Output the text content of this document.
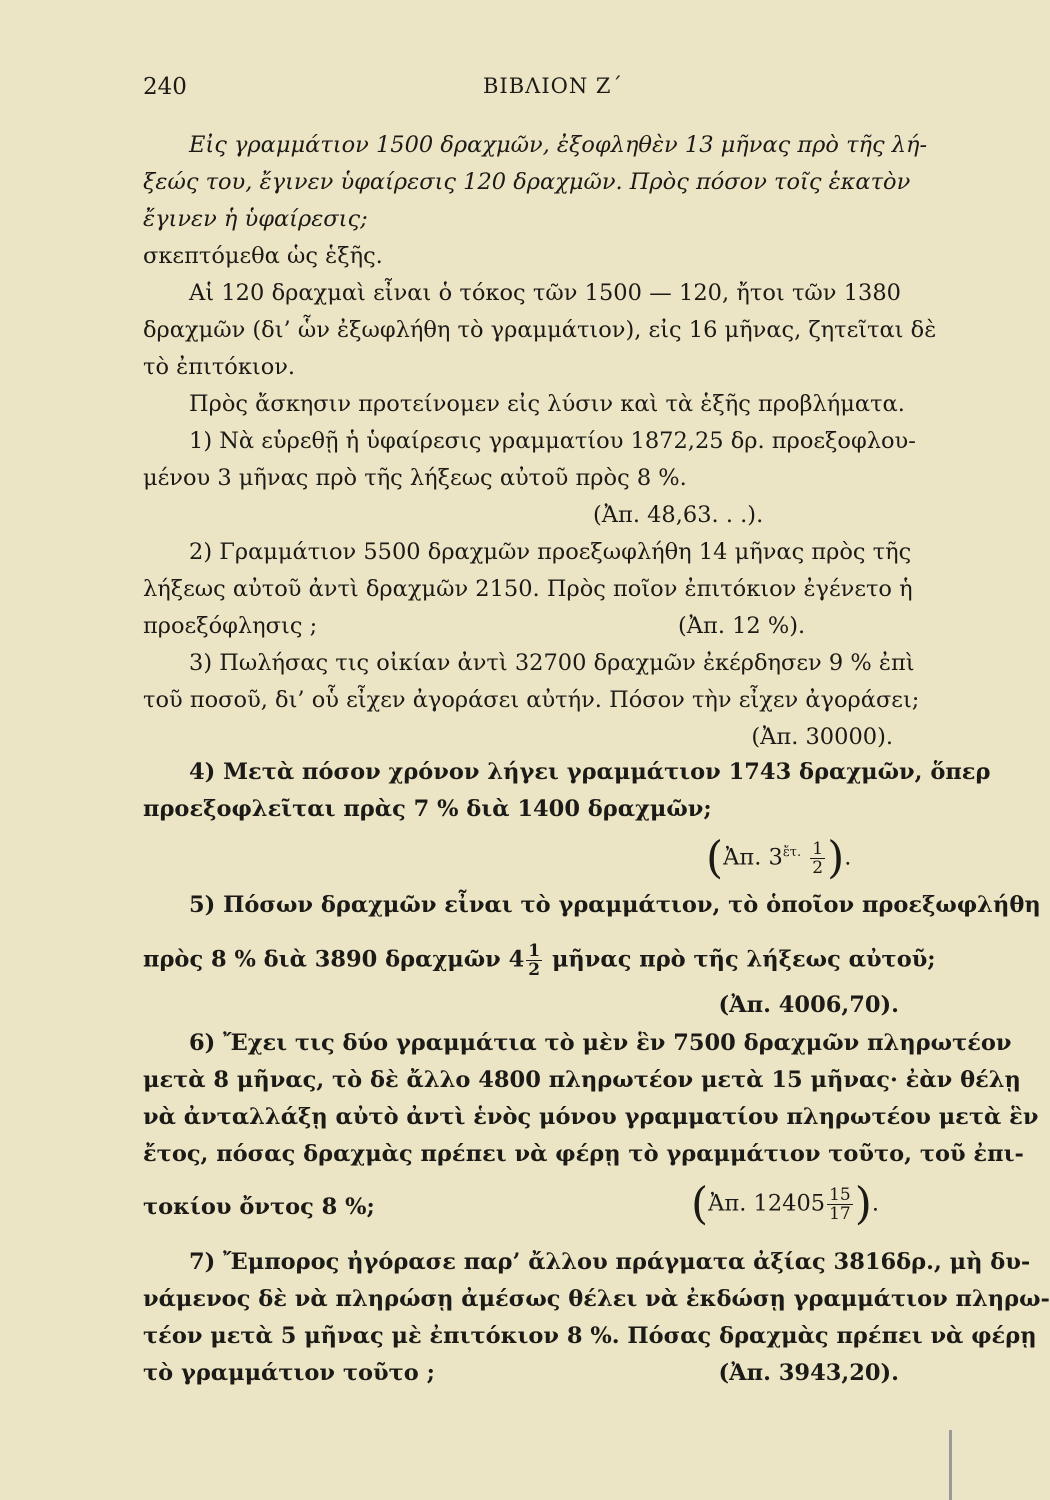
240	ΒΙΒΛΙΟΝ Ζ΄
Εἰς γραμμάτιον 1500 δραχμῶν, ἐξοφληθὲν 13 μῆνας πρὸ τῆς λή-
ξεώς του, ἔγινεν ὑφαίρεσις 120 δραχμῶν. Πρὸς πόσον τοῖς ἑκατὸν
ἔγινεν ἡ ὑφαίρεσις;
σκεπτόμεθα ὡς ἑξῆς.
Αἱ 120 δραχμαὶ εἶναι ὁ τόκος τῶν 1500 — 120, ἤτοι τῶν 1380
δραχμῶν (δι’ ὧν ἐξωφλήθη τὸ γραμμάτιον), εἰς 16 μῆνας, ζητεῖται δὲ
τὸ ἐπιτόκιον.
Πρὸς ἄσκησιν προτείνομεν εἰς λύσιν καὶ τὰ ἑξῆς προβλήματα.
1) Νὰ εὑρεθῇ ἡ ὑφαίρεσις γραμματίου 1872,25 δρ. προεξοφλου-
μένου 3 μῆνας πρὸ τῆς λήξεως αὐτοῦ πρὸς 8 %.
(Ἀπ. 48,63. . .).
2) Γραμμάτιον 5500 δραχμῶν προεξωφλήθη 14 μῆνας πρὸς τῆς
λήξεως αὐτοῦ ἀντὶ δραχμῶν 2150. Πρὸς ποῖον ἐπιτόκιον ἐγένετο ἡ
προεξόφλησις ;	(Ἀπ. 12 %).
3) Πωλήσας τις οἰκίαν ἀντὶ 32700 δραχμῶν ἐκέρδησεν 9 % ἐπὶ
τοῦ ποσοῦ, δι’ οὗ εἶχεν ἀγοράσει αὐτήν. Πόσον τὴν εἶχεν ἀγοράσει;
(Ἀπ. 30000).
4) Μετὰ πόσον χρόνον λήγει γραμμάτιον 1743 δραχμῶν, ὅπερ
προεξοφλεῖται πρὰς 7 % διὰ 1400 δραχμῶν;
(Ἀπ. $3^{ἔ\tau.} \frac{1}{2}$ ).
5) Πόσων δραχμῶν εἶναι τὸ γραμμάτιον, τὸ ὁποῖον προεξωφλήθη
πρὸς 8 % διὰ 3890 δραχμῶν $4 \frac{1}{2}$ μῆνας πρὸ τῆς λήξεως αὐτοῦ;
(Ἀπ. 4006,70).
6) Ἔχει τις δύο γραμμάτια τὸ μὲν ἓν 7500 δραχμῶν πληρωτέον
μετὰ 8 μῆνας, τὸ δὲ ἄλλο 4800 πληρωτέον μετὰ 15 μῆνας· ἐὰν θέλῃ
νὰ ἀνταλλάξῃ αὐτὸ ἀντὶ ἑνὸς μόνου γραμματίου πληρωτέου μετὰ ἓν
ἔτος, πόσας δραχμὰς πρέπει νὰ φέρῃ τὸ γραμμάτιον τοῦτο, τοῦ ἐπι-
τοκίου ὄντος 8 %;	(Ἀπ. $12405 \frac{15}{17}$ ).
7) Ἔμπορος ἠγόρασε παρ’ ἄλλου πράγματα ἀξίας 3816δρ., μὴ δυ-
νάμενος δὲ νὰ πληρώσῃ ἀμέσως θέλει νὰ ἐκδώσῃ γραμμάτιον πληρω-
τέον μετὰ 5 μῆνας μὲ ἐπιτόκιον 8 %. Πόσας δραχμὰς πρέπει νὰ φέρῃ
τὸ γραμμάτιον τοῦτο ;	(Ἀπ. 3943,20).
